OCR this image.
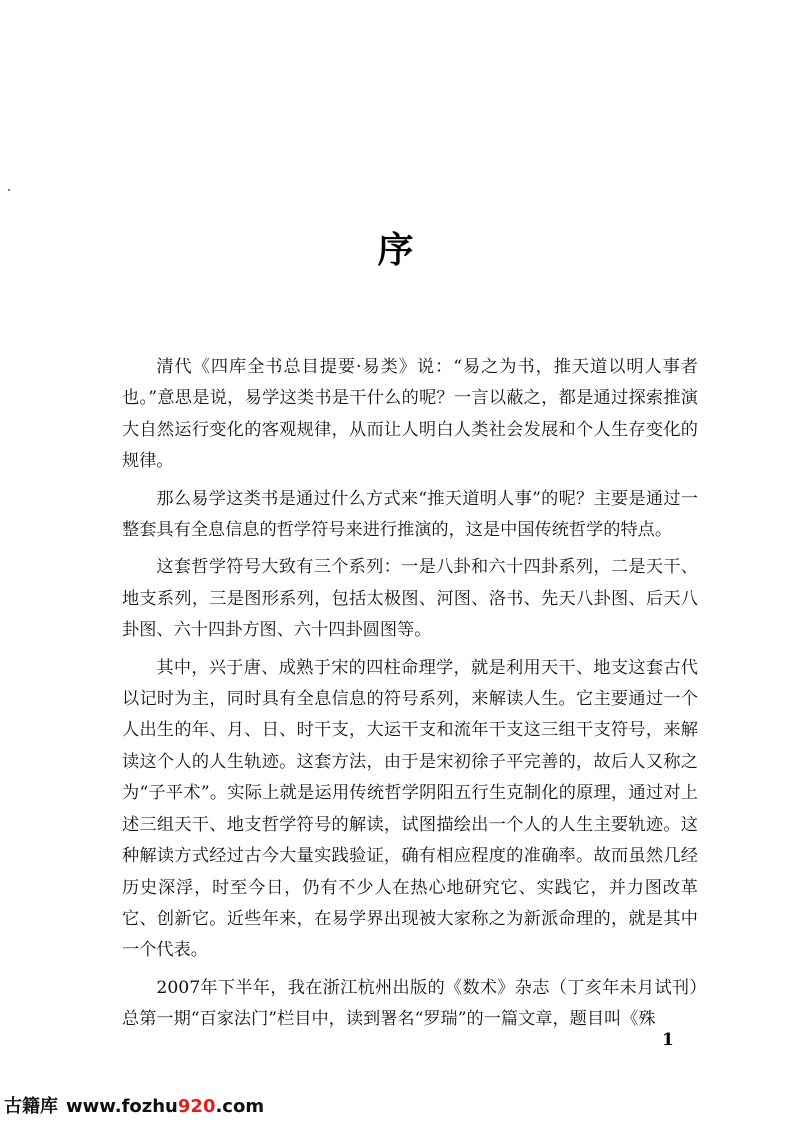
序

清代《四库全书总目提要·易类》说：“易之为书，推天道以明人事者也。”意思是说，易学这类书是干什么的呢？一言以蔽之，都是通过探索推演大自然运行变化的客观规律，从而让人明白人类社会发展和个人生存变化的规律。

那么易学这类书是通过什么方式来“推天道明人事”的呢？主要是通过一整套具有全息信息的哲学符号来进行推演的，这是中国传统哲学的特点。

这套哲学符号大致有三个系列：一是八卦和六十四卦系列，二是天干、地支系列，三是图形系列，包括太极图、河图、洛书、先天八卦图、后天八卦图、六十四卦方图、六十四卦圆图等。

其中，兴于唐、成熟于宋的四柱命理学，就是利用天干、地支这套古代以记时为主，同时具有全息信息的符号系列，来解读人生。它主要通过一个人出生的年、月、日、时干支，大运干支和流年干支这三组干支符号，来解读这个人的人生轨迹。这套方法，由于是宋初徐子平完善的，故后人又称之为“子平术”。实际上就是运用传统哲学阴阳五行生克制化的原理，通过对上述三组天干、地支哲学符号的解读，试图描绘出一个人的人生主要轨迹。这种解读方式经过古今大量实践验证，确有相应程度的准确率。故而虽然几经历史深浮，时至今日，仍有不少人在热心地研究它、实践它，并力图改革它、创新它。近些年来，在易学界出现被大家称之为新派命理的，就是其中一个代表。

2007年下半年，我在浙江杭州出版的《数术》杂志（丁亥年未月试刊）总第一期“百家法门”栏目中，读到署名“罗瑞”的一篇文章，题目叫《殊

1
古籍库 www.fozhu920.com
